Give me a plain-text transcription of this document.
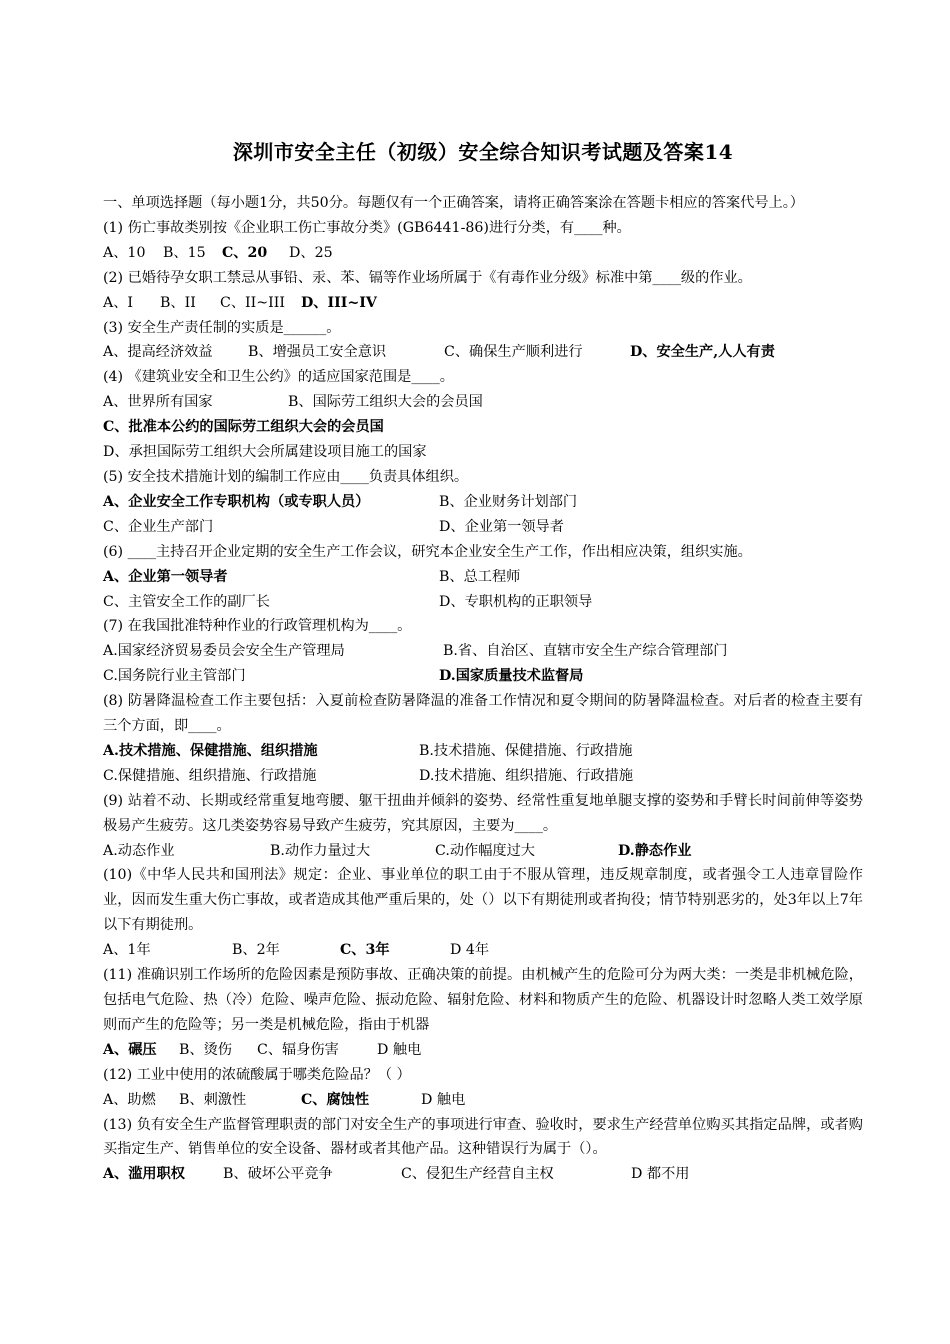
深圳市安全主任（初级）安全综合知识考试题及答案14
一、单项选择题（每小题1分，共50分。每题仅有一个正确答案，请将正确答案涂在答题卡相应的答案代号上。）
(1) 伤亡事故类别按《企业职工伤亡事故分类》(GB6441-86)进行分类，有____种。
A、10 B、15 C、20 D、25
(2) 已婚待孕女职工禁忌从事铅、汞、苯、镉等作业场所属于《有毒作业分级》标准中第____级的作业。
A、I B、II C、II~III D、III~IV
(3) 安全生产责任制的实质是______。
A、提高经济效益 B、增强员工安全意识	C、确保生产顺利进行	D、安全生产,人人有责
(4) 《建筑业安全和卫生公约》的适应国家范围是____。
A、世界所有国家	B、国际劳工组织大会的会员国
C、批准本公约的国际劳工组织大会的会员国
D、承担国际劳工组织大会所属建设项目施工的国家
(5) 安全技术措施计划的编制工作应由____负责具体组织。
A、企业安全工作专职机构（或专职人员）	B、企业财务计划部门
C、企业生产部门	D、企业第一领导者
(6) ____主持召开企业定期的安全生产工作会议，研究本企业安全生产工作，作出相应决策，组织实施。
A、企业第一领导者	B、总工程师
C、主管安全工作的副厂长	D、专职机构的正职领导
(7) 在我国批准特种作业的行政管理机构为____。
A.国家经济贸易委员会安全生产管理局	B.省、自治区、直辖市安全生产综合管理部门
C.国务院行业主管部门	D.国家质量技术监督局
(8) 防暑降温检查工作主要包括：入夏前检查防暑降温的准备工作情况和夏令期间的防暑降温检查。对后者的检查主要有三个方面，即____。
A.技术措施、保健措施、组织措施	B.技术措施、保健措施、行政措施
C.保健措施、组织措施、行政措施	D.技术措施、组织措施、行政措施
(9) 站着不动、长期或经常重复地弯腰、躯干扭曲并倾斜的姿势、经常性重复地单腿支撑的姿势和手臂长时间前伸等姿势极易产生疲劳。这几类姿势容易导致产生疲劳，究其原因，主要为____。
A.动态作业	B.动作力量过大	C.动作幅度过大	D.静态作业
(10)《中华人民共和国刑法》规定：企业、事业单位的职工由于不服从管理，违反规章制度，或者强令工人违章冒险作业，因而发生重大伤亡事故，或者造成其他严重后果的，处（）以下有期徒刑或者拘役；情节特别恶劣的，处3年以上7年以下有期徒刑。
A、1年	B、2年	C、3年	D 4年
(11) 准确识别工作场所的危险因素是预防事故、正确决策的前提。由机械产生的危险可分为两大类：一类是非机械危险，包括电气危险、热（冷）危险、噪声危险、振动危险、辐射危险、材料和物质产生的危险、机器设计时忽略人类工效学原则而产生的危险等；另一类是机械危险，指由于机器
A、碾压 B、烫伤 C、辐身伤害	D 触电
(12) 工业中使用的浓硫酸属于哪类危险品？（ ）
A、助燃 B、刺激性	C、腐蚀性	D 触电
(13) 负有安全生产监督管理职责的部门对安全生产的事项进行审查、验收时，要求生产经营单位购买其指定品牌，或者购买指定生产、销售单位的安全设备、器材或者其他产品。这种错误行为属于（）。
A、滥用职权	B、破坏公平竞争	C、侵犯生产经营自主权	D 都不用
